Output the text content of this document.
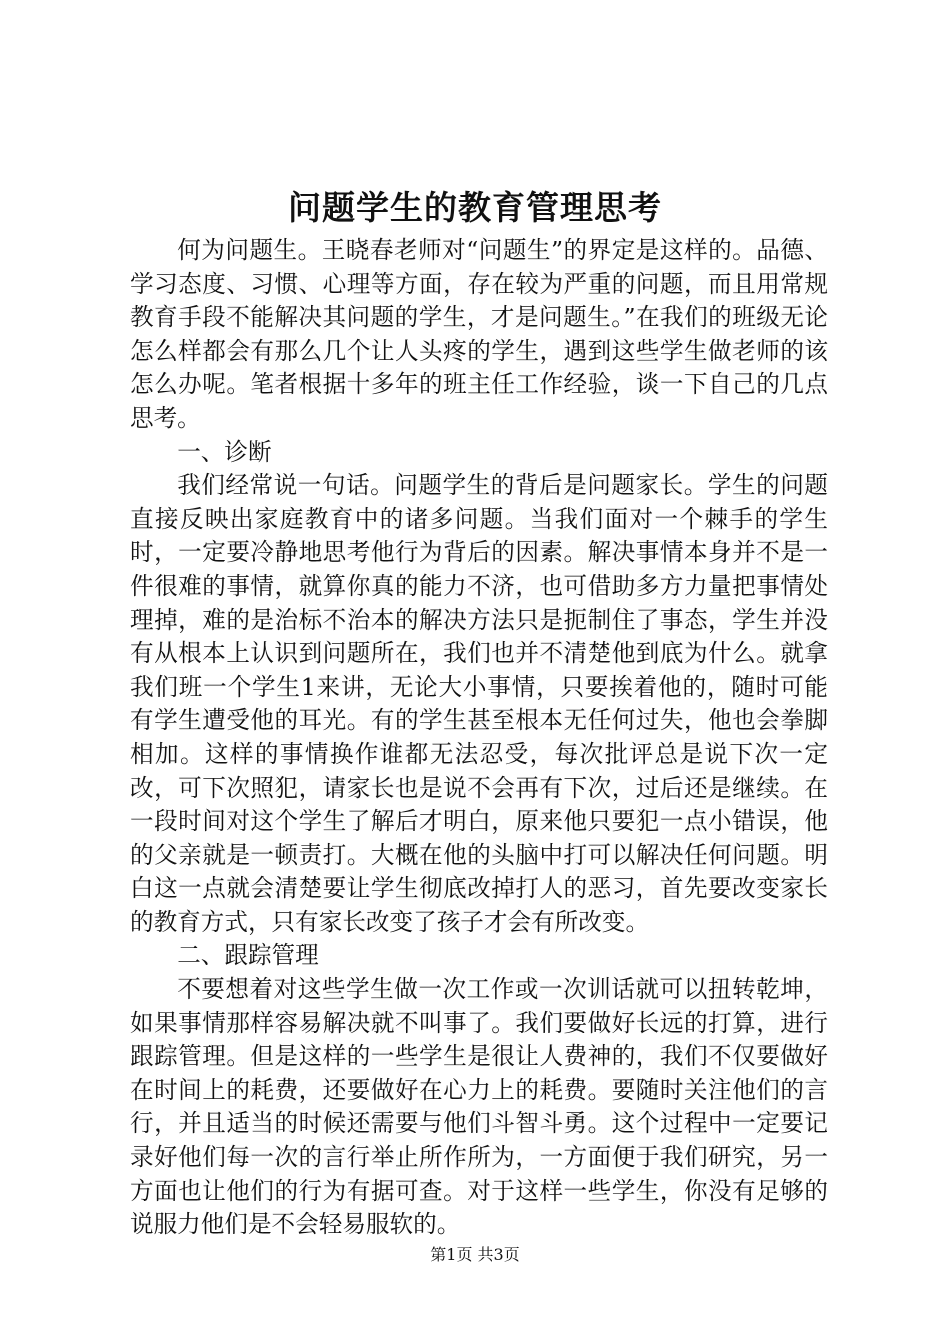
问题学生的教育管理思考

何为问题生。王晓春老师对“问题生”的界定是这样的。品德、学习态度、习惯、心理等方面，存在较为严重的问题，而且用常规教育手段不能解决其问题的学生，才是问题生。”在我们的班级无论怎么样都会有那么几个让人头疼的学生，遇到这些学生做老师的该怎么办呢。笔者根据十多年的班主任工作经验，谈一下自己的几点思考。

一、诊断

我们经常说一句话。问题学生的背后是问题家长。学生的问题直接反映出家庭教育中的诸多问题。当我们面对一个棘手的学生时，一定要冷静地思考他行为背后的因素。解决事情本身并不是一件很难的事情，就算你真的能力不济，也可借助多方力量把事情处理掉，难的是治标不治本的解决方法只是扼制住了事态，学生并没有从根本上认识到问题所在，我们也并不清楚他到底为什么。就拿我们班一个学生1来讲，无论大小事情，只要挨着他的，随时可能有学生遭受他的耳光。有的学生甚至根本无任何过失，他也会拳脚相加。这样的事情换作谁都无法忍受，每次批评总是说下次一定改，可下次照犯，请家长也是说不会再有下次，过后还是继续。在一段时间对这个学生了解后才明白，原来他只要犯一点小错误，他的父亲就是一顿责打。大概在他的头脑中打可以解决任何问题。明白这一点就会清楚要让学生彻底改掉打人的恶习，首先要改变家长的教育方式，只有家长改变了孩子才会有所改变。

二、跟踪管理

不要想着对这些学生做一次工作或一次训话就可以扭转乾坤，如果事情那样容易解决就不叫事了。我们要做好长远的打算，进行跟踪管理。但是这样的一些学生是很让人费神的，我们不仅要做好在时间上的耗费，还要做好在心力上的耗费。要随时关注他们的言行，并且适当的时候还需要与他们斗智斗勇。这个过程中一定要记录好他们每一次的言行举止所作所为，一方面便于我们研究，另一方面也让他们的行为有据可查。对于这样一些学生，你没有足够的说服力他们是不会轻易服软的。

第1页 共3页
